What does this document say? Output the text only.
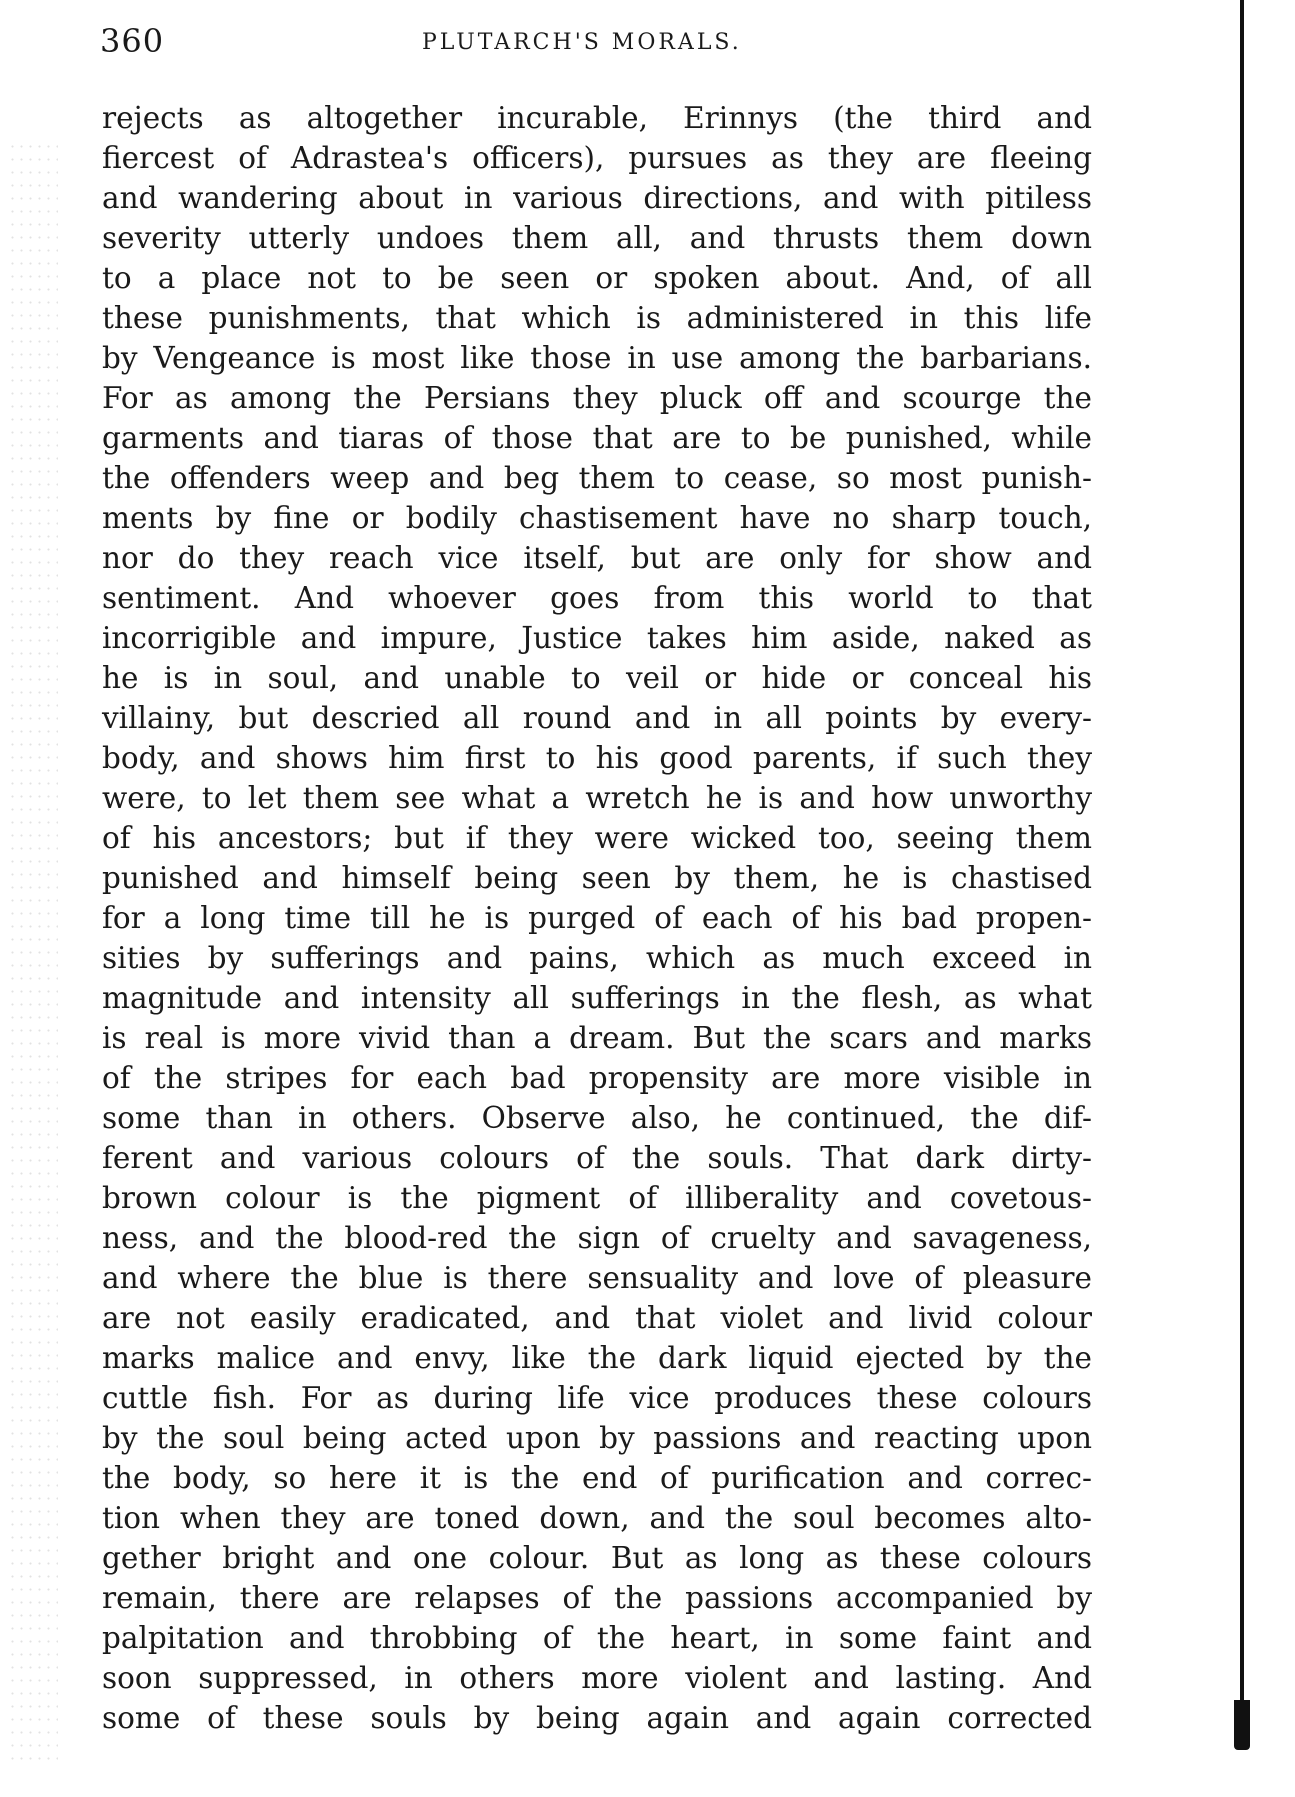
360	PLUTARCH'S MORALS.
rejects as altogether incurable, Erinnys (the third and
fiercest of Adrastea's officers), pursues as they are fleeing
and wandering about in various directions, and with pitiless
severity utterly undoes them all, and thrusts them down
to a place not to be seen or spoken about. And, of all
these punishments, that which is administered in this life
by Vengeance is most like those in use among the barbarians.
For as among the Persians they pluck off and scourge the
garments and tiaras of those that are to be punished, while
the offenders weep and beg them to cease, so most punish-
ments by fine or bodily chastisement have no sharp touch,
nor do they reach vice itself, but are only for show and
sentiment. And whoever goes from this world to that
incorrigible and impure, Justice takes him aside, naked as
he is in soul, and unable to veil or hide or conceal his
villainy, but descried all round and in all points by every-
body, and shows him first to his good parents, if such they
were, to let them see what a wretch he is and how unworthy
of his ancestors; but if they were wicked too, seeing them
punished and himself being seen by them, he is chastised
for a long time till he is purged of each of his bad propen-
sities by sufferings and pains, which as much exceed in
magnitude and intensity all sufferings in the flesh, as what
is real is more vivid than a dream. But the scars and marks
of the stripes for each bad propensity are more visible in
some than in others. Observe also, he continued, the dif-
ferent and various colours of the souls. That dark dirty-
brown colour is the pigment of illiberality and covetous-
ness, and the blood-red the sign of cruelty and savageness,
and where the blue is there sensuality and love of pleasure
are not easily eradicated, and that violet and livid colour
marks malice and envy, like the dark liquid ejected by the
cuttle fish. For as during life vice produces these colours
by the soul being acted upon by passions and reacting upon
the body, so here it is the end of purification and correc-
tion when they are toned down, and the soul becomes alto-
gether bright and one colour. But as long as these colours
remain, there are relapses of the passions accompanied by
palpitation and throbbing of the heart, in some faint and
soon suppressed, in others more violent and lasting. And
some of these souls by being again and again corrected
